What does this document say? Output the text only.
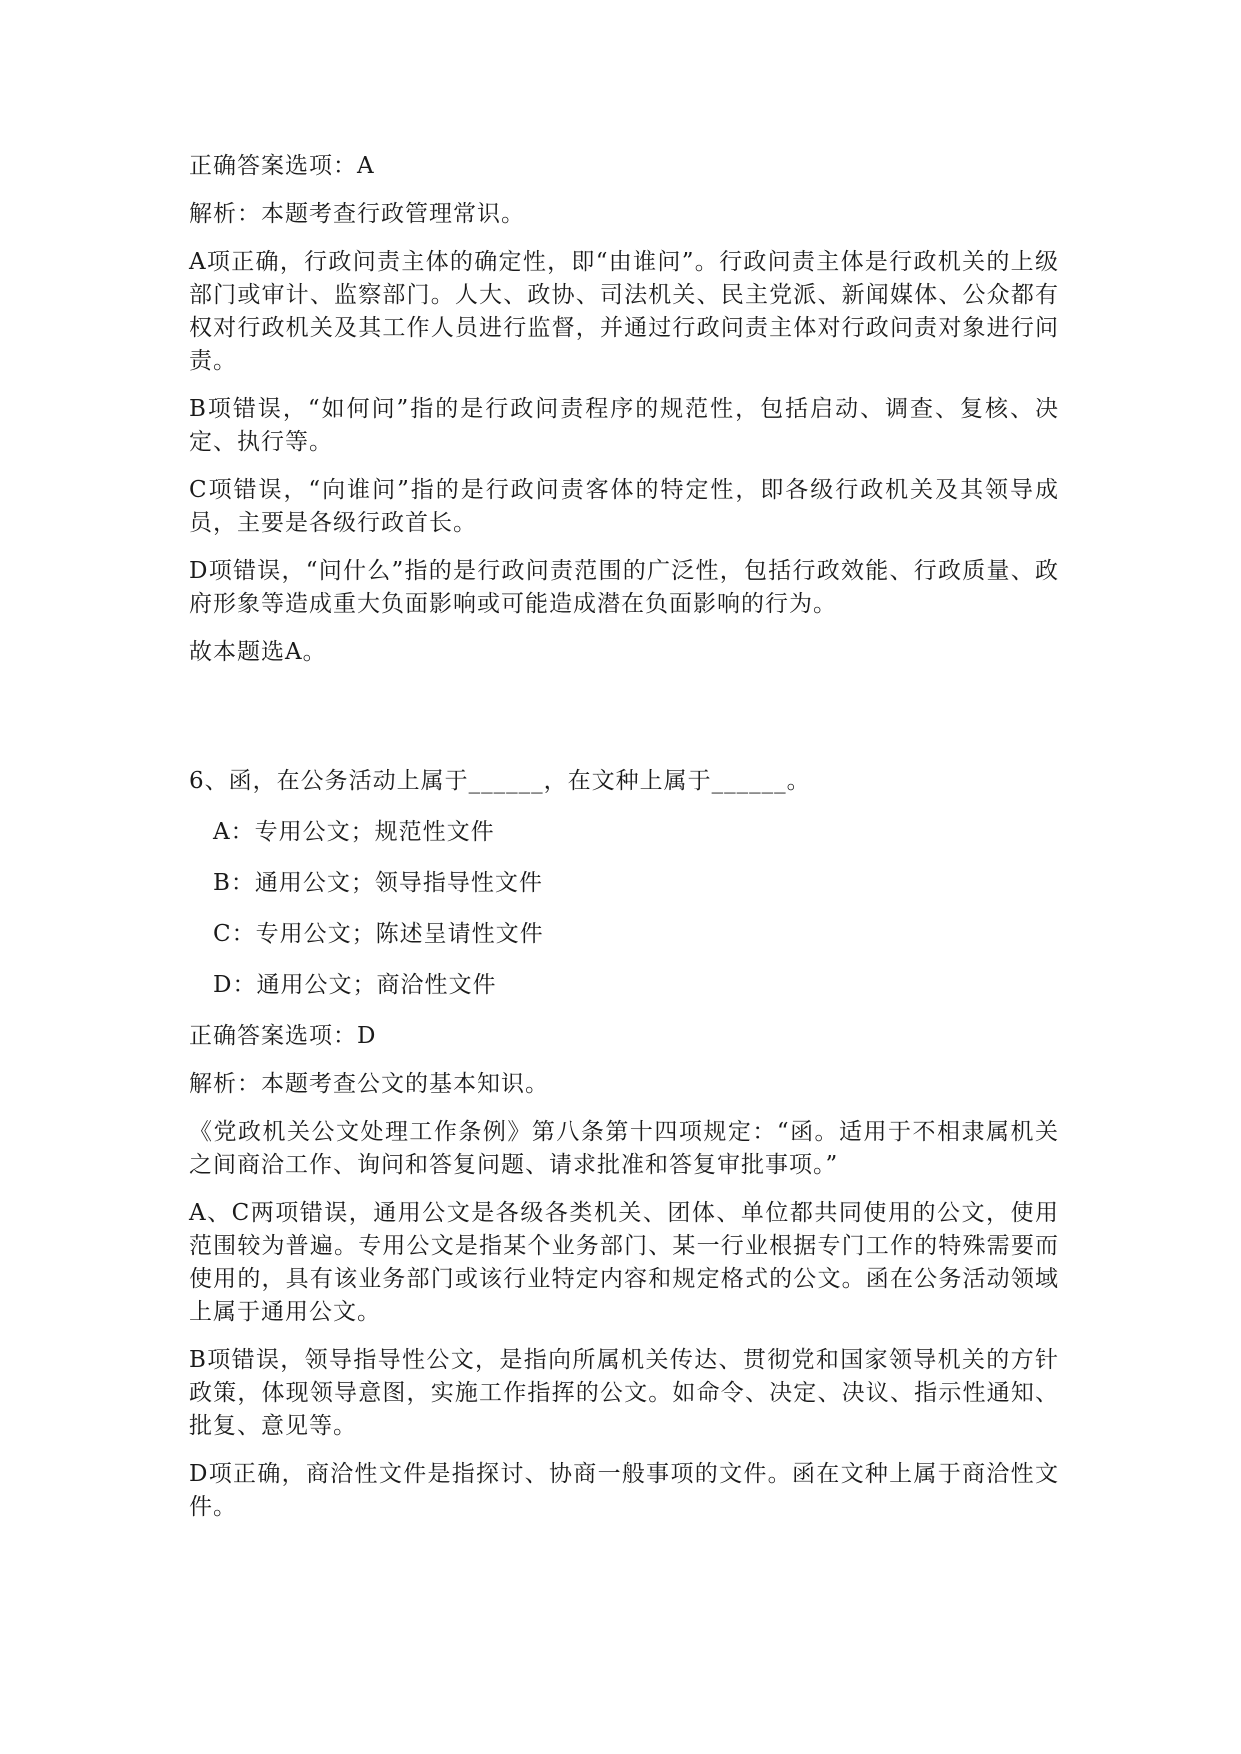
正确答案选项：A

解析：本题考查行政管理常识。

A项正确，行政问责主体的确定性，即“由谁问”。行政问责主体是行政机关的上级部门或审计、监察部门。人大、政协、司法机关、民主党派、新闻媒体、公众都有权对行政机关及其工作人员进行监督，并通过行政问责主体对行政问责对象进行问责。

B项错误，“如何问”指的是行政问责程序的规范性，包括启动、调查、复核、决定、执行等。

C项错误，“向谁问”指的是行政问责客体的特定性，即各级行政机关及其领导成员，主要是各级行政首长。

D项错误，“问什么”指的是行政问责范围的广泛性，包括行政效能、行政质量、政府形象等造成重大负面影响或可能造成潜在负面影响的行为。

故本题选A。

6、函，在公务活动上属于______，在文种上属于______。

A：专用公文；规范性文件

B：通用公文；领导指导性文件

C：专用公文；陈述呈请性文件

D：通用公文；商洽性文件

正确答案选项：D

解析：本题考查公文的基本知识。

《党政机关公文处理工作条例》第八条第十四项规定：“函。适用于不相隶属机关之间商洽工作、询问和答复问题、请求批准和答复审批事项。”

A、C两项错误，通用公文是各级各类机关、团体、单位都共同使用的公文，使用范围较为普遍。专用公文是指某个业务部门、某一行业根据专门工作的特殊需要而使用的，具有该业务部门或该行业特定内容和规定格式的公文。函在公务活动领域上属于通用公文。

B项错误，领导指导性公文，是指向所属机关传达、贯彻党和国家领导机关的方针政策，体现领导意图，实施工作指挥的公文。如命令、决定、决议、指示性通知、批复、意见等。

D项正确，商洽性文件是指探讨、协商一般事项的文件。函在文种上属于商洽性文件。
